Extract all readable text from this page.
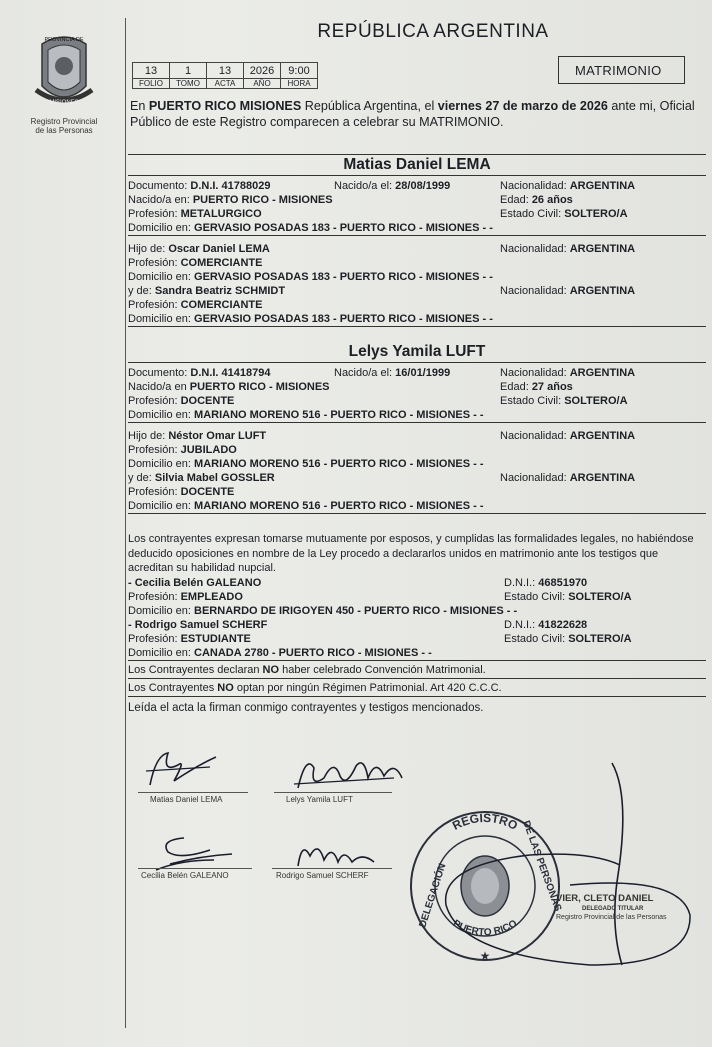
PROVINCIA DE
MISIONES
Registro Provincial
de las Personas
REPÚBLICA ARGENTINA
13	1	13	2026	9:00
FOLIO	TOMO	ACTA	AÑO	HORA
MATRIMONIO
En PUERTO RICO MISIONES República Argentina, el viernes 27 de marzo de 2026 ante mi, Oficial Público de este Registro comparecen a celebrar su MATRIMONIO.
Matias Daniel LEMA
Documento: D.N.I. 41788029	Nacido/a el: 28/08/1999	Nacionalidad: ARGENTINA
Nacido/a en: PUERTO RICO - MISIONES	Edad: 26 años
Profesión: METALURGICO	Estado Civil: SOLTERO/A
Domicilio en: GERVASIO POSADAS 183 - PUERTO RICO - MISIONES - -
Hijo de: Oscar Daniel LEMA	Nacionalidad: ARGENTINA
Profesión: COMERCIANTE
Domicilio en: GERVASIO POSADAS 183 - PUERTO RICO - MISIONES - -
y de: Sandra Beatriz SCHMIDT	Nacionalidad: ARGENTINA
Profesión: COMERCIANTE
Domicilio en: GERVASIO POSADAS 183 - PUERTO RICO - MISIONES - -
Lelys Yamila LUFT
Documento: D.N.I. 41418794	Nacido/a el: 16/01/1999	Nacionalidad: ARGENTINA
Nacido/a en PUERTO RICO - MISIONES	Edad: 27 años
Profesión: DOCENTE	Estado Civil: SOLTERO/A
Domicilio en: MARIANO MORENO 516 - PUERTO RICO - MISIONES - -
Hijo de: Néstor Omar LUFT	Nacionalidad: ARGENTINA
Profesión: JUBILADO
Domicilio en: MARIANO MORENO 516 - PUERTO RICO - MISIONES - -
y de: Silvia Mabel GOSSLER	Nacionalidad: ARGENTINA
Profesión: DOCENTE
Domicilio en: MARIANO MORENO 516 - PUERTO RICO - MISIONES - -
Los contrayentes expresan tomarse mutuamente por esposos, y cumplidas las formalidades legales, no habiéndose deducido oposiciones en nombre de la Ley procedo a declararlos unidos en matrimonio ante los testigos que acreditan su habilidad nupcial.
- Cecilia Belén GALEANO	D.N.I.: 46851970
Profesión: EMPLEADO	Estado Civil: SOLTERO/A
Domicilio en: BERNARDO DE IRIGOYEN 450 - PUERTO RICO - MISIONES - -
- Rodrigo Samuel SCHERF	D.N.I.: 41822628
Profesión: ESTUDIANTE	Estado Civil: SOLTERO/A
Domicilio en: CANADA 2780 - PUERTO RICO - MISIONES - -
Los Contrayentes declaran NO haber celebrado Convención Matrimonial.
Los Contrayentes NO optan por ningún Régimen Patrimonial. Art 420 C.C.C.
Leída el acta la firman conmigo contrayentes y testigos mencionados.
Matias Daniel LEMA	Lelys Yamila LUFT
Cecilia Belén GALEANO	Rodrigo Samuel SCHERF
REGISTRO
DELEGACIÓN	DE LAS PERSONAS
PUERTO RICO
★
VIER, CLETO DANIEL
DELEGADO TITULAR
Registro Provincial de las Personas
